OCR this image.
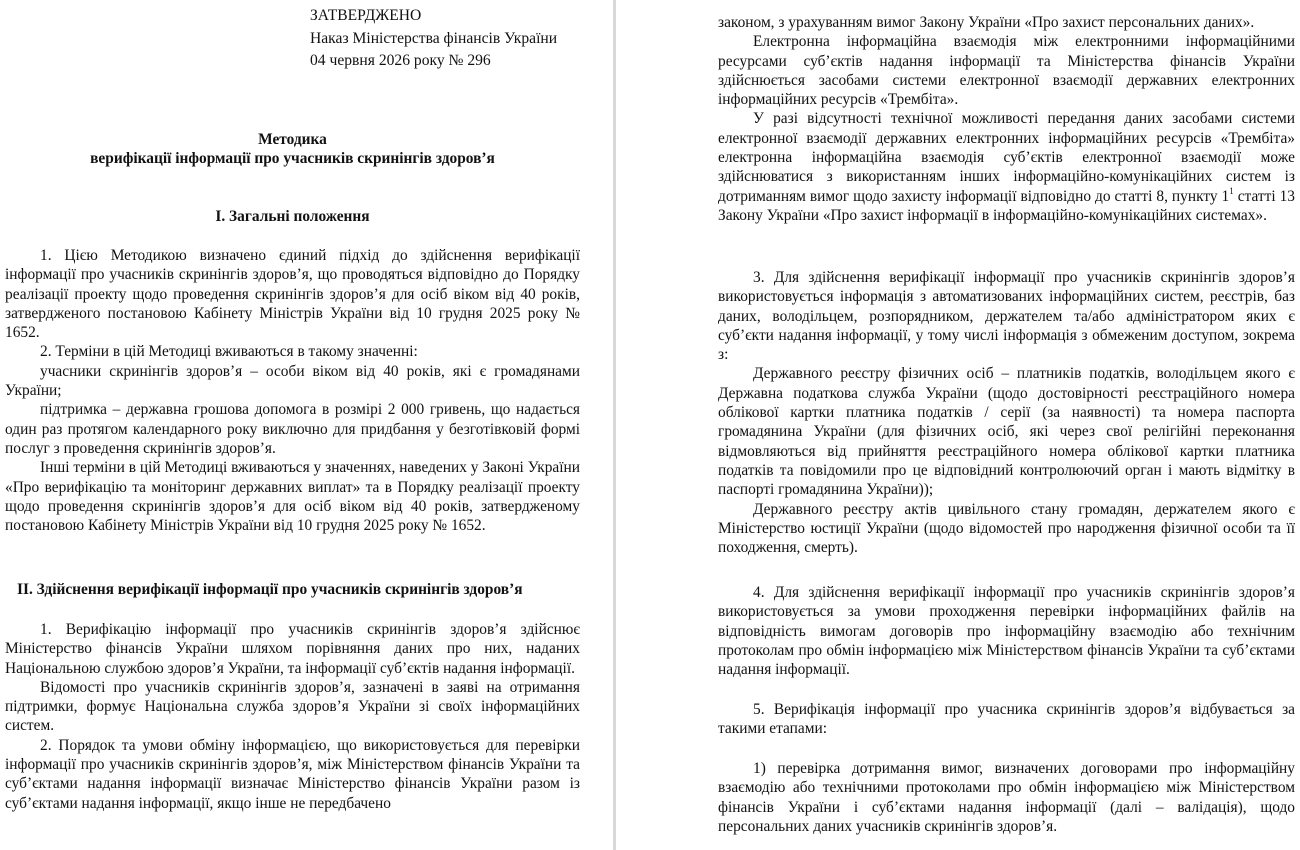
ЗАТВЕРДЖЕНО
Наказ Міністерства фінансів України
04 червня 2026 року № 296
Методика
верифікації інформації про учасників скринінгів здоров’я
I. Загальні положення

1. Цією Методикою визначено єдиний підхід до здійснення верифікації інформації про учасників скринінгів здоров’я, що проводяться відповідно до Порядку реалізації проекту щодо проведення скринінгів здоров’я для осіб віком від 40 років, затвердженого постановою Кабінету Міністрів України від 10 грудня 2025 року № 1652.

2. Терміни в цій Методиці вживаються в такому значенні:

учасники скринінгів здоров’я – особи віком від 40 років, які є громадянами України;

підтримка – державна грошова допомога в розмірі 2 000 гривень, що надається один раз протягом календарного року виключно для придбання у безготівковій формі послуг з проведення скринінгів здоров’я.

Інші терміни в цій Методиці вживаються у значеннях, наведених у Законі України «Про верифікацію та моніторинг державних виплат» та в Порядку реалізації проекту щодо проведення скринінгів здоров’я для осіб віком від 40 років, затвердженому постановою Кабінету Міністрів України від 10 грудня 2025 року № 1652.

II. Здійснення верифікації інформації про учасників скринінгів здоров’я

1. Верифікацію інформації про учасників скринінгів здоров’я здійснює Міністерство фінансів України шляхом порівняння даних про них, наданих Національною службою здоров’я України, та інформації суб’єктів надання інформації.

Відомості про учасників скринінгів здоров’я, зазначені в заяві на отримання підтримки, формує Національна служба здоров’я України зі своїх інформаційних систем.

2. Порядок та умови обміну інформацією, що використовується для перевірки інформації про учасників скринінгів здоров’я, між Міністерством фінансів України та суб’єктами надання інформації визначає Міністерство фінансів України разом із суб’єктами надання інформації, якщо інше не передбачено

законом, з урахуванням вимог Закону України «Про захист персональних даних».

Електронна інформаційна взаємодія між електронними інформаційними ресурсами суб’єктів надання інформації та Міністерства фінансів України здійснюється засобами системи електронної взаємодії державних електронних інформаційних ресурсів «Трембіта».

У разі відсутності технічної можливості передання даних засобами системи електронної взаємодії державних електронних інформаційних ресурсів «Трембіта» електронна інформаційна взаємодія суб’єктів електронної взаємодії може здійснюватися з використанням інших інформаційно-комунікаційних систем із дотриманням вимог щодо захисту інформації відповідно до статті 8, пункту $1^1$ статті 13 Закону України «Про захист інформації в інформаційно-комунікаційних системах».

3. Для здійснення верифікації інформації про учасників скринінгів здоров’я використовується інформація з автоматизованих інформаційних систем, реєстрів, баз даних, володільцем, розпорядником, держателем та/або адміністратором яких є суб’єкти надання інформації, у тому числі інформація з обмеженим доступом, зокрема з:

Державного реєстру фізичних осіб – платників податків, володільцем якого є Державна податкова служба України (щодо достовірності реєстраційного номера облікової картки платника податків / серії (за наявності) та номера паспорта громадянина України (для фізичних осіб, які через свої релігійні переконання відмовляються від прийняття реєстраційного номера облікової картки платника податків та повідомили про це відповідний контролюючий орган і мають відмітку в паспорті громадянина України));

Державного реєстру актів цивільного стану громадян, держателем якого є Міністерство юстиції України (щодо відомостей про народження фізичної особи та її походження, смерть).

4. Для здійснення верифікації інформації про учасників скринінгів здоров’я використовується за умови проходження перевірки інформаційних файлів на відповідність вимогам договорів про інформаційну взаємодію або технічним протоколам про обмін інформацією між Міністерством фінансів України та суб’єктами надання інформації.

5. Верифікація інформації про учасника скринінгів здоров’я відбувається за такими етапами:

1) перевірка дотримання вимог, визначених договорами про інформаційну взаємодію або технічними протоколами про обмін інформацією між Міністерством фінансів України і суб’єктами надання інформації (далі – валідація), щодо персональних даних учасників скринінгів здоров’я.
